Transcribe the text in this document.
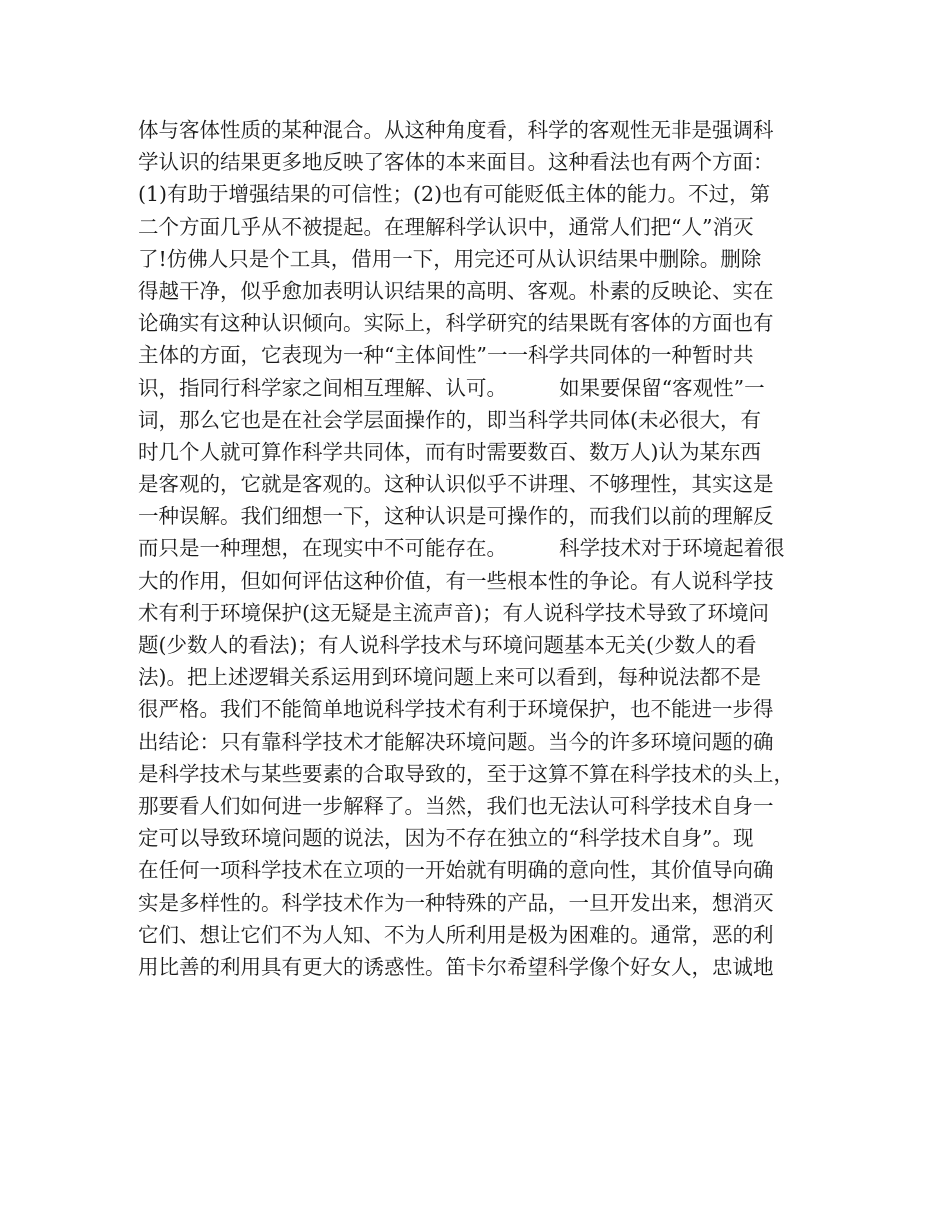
体与客体性质的某种混合。从这种角度看，科学的客观性无非是强调科
学认识的结果更多地反映了客体的本来面目。这种看法也有两个方面：
(1)有助于增强结果的可信性；(2)也有可能贬低主体的能力。不过，第
二个方面几乎从不被提起。在理解科学认识中，通常人们把“人”消灭
了!仿佛人只是个工具，借用一下，用完还可从认识结果中删除。删除
得越干净，似乎愈加表明认识结果的高明、客观。朴素的反映论、实在
论确实有这种认识倾向。实际上，科学研究的结果既有客体的方面也有
主体的方面，它表现为一种“主体间性”一一科学共同体的一种暂时共
识，指同行科学家之间相互理解、认可。        如果要保留“客观性”一
词，那么它也是在社会学层面操作的，即当科学共同体(未必很大，有
时几个人就可算作科学共同体，而有时需要数百、数万人)认为某东西
是客观的，它就是客观的。这种认识似乎不讲理、不够理性，其实这是
一种误解。我们细想一下，这种认识是可操作的，而我们以前的理解反
而只是一种理想，在现实中不可能存在。        科学技术对于环境起着很
大的作用，但如何评估这种价值，有一些根本性的争论。有人说科学技
术有利于环境保护(这无疑是主流声音)；有人说科学技术导致了环境问
题(少数人的看法)；有人说科学技术与环境问题基本无关(少数人的看
法)。把上述逻辑关系运用到环境问题上来可以看到，每种说法都不是
很严格。我们不能简单地说科学技术有利于环境保护，也不能进一步得
出结论：只有靠科学技术才能解决环境问题。当今的许多环境问题的确
是科学技术与某些要素的合取导致的，至于这算不算在科学技术的头上，
那要看人们如何进一步解释了。当然，我们也无法认可科学技术自身一
定可以导致环境问题的说法，因为不存在独立的“科学技术自身”。现
在任何一项科学技术在立项的一开始就有明确的意向性，其价值导向确
实是多样性的。科学技术作为一种特殊的产品，一旦开发出来，想消灭
它们、想让它们不为人知、不为人所利用是极为困难的。通常，恶的利
用比善的利用具有更大的诱惑性。笛卡尔希望科学像个好女人，忠诚地
